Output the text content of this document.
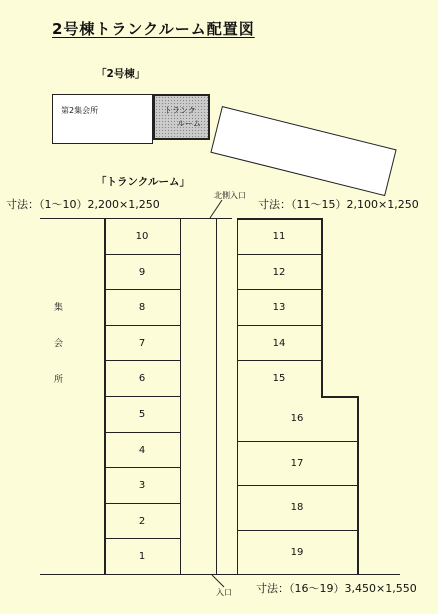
2号棟トランクルーム配置図
「2号棟」
第2集会所	トランク
ルーム
「トランクルーム」
北側入口
寸法：（1〜10）2,200×1,250	寸法：（11〜15）2,100×1,250
10
9
8
7
6
5
4
3
2
1
11
12
13
14
15
16
17
18
19
集
会
所
入口 寸法：（16〜19）3,450×1,550
